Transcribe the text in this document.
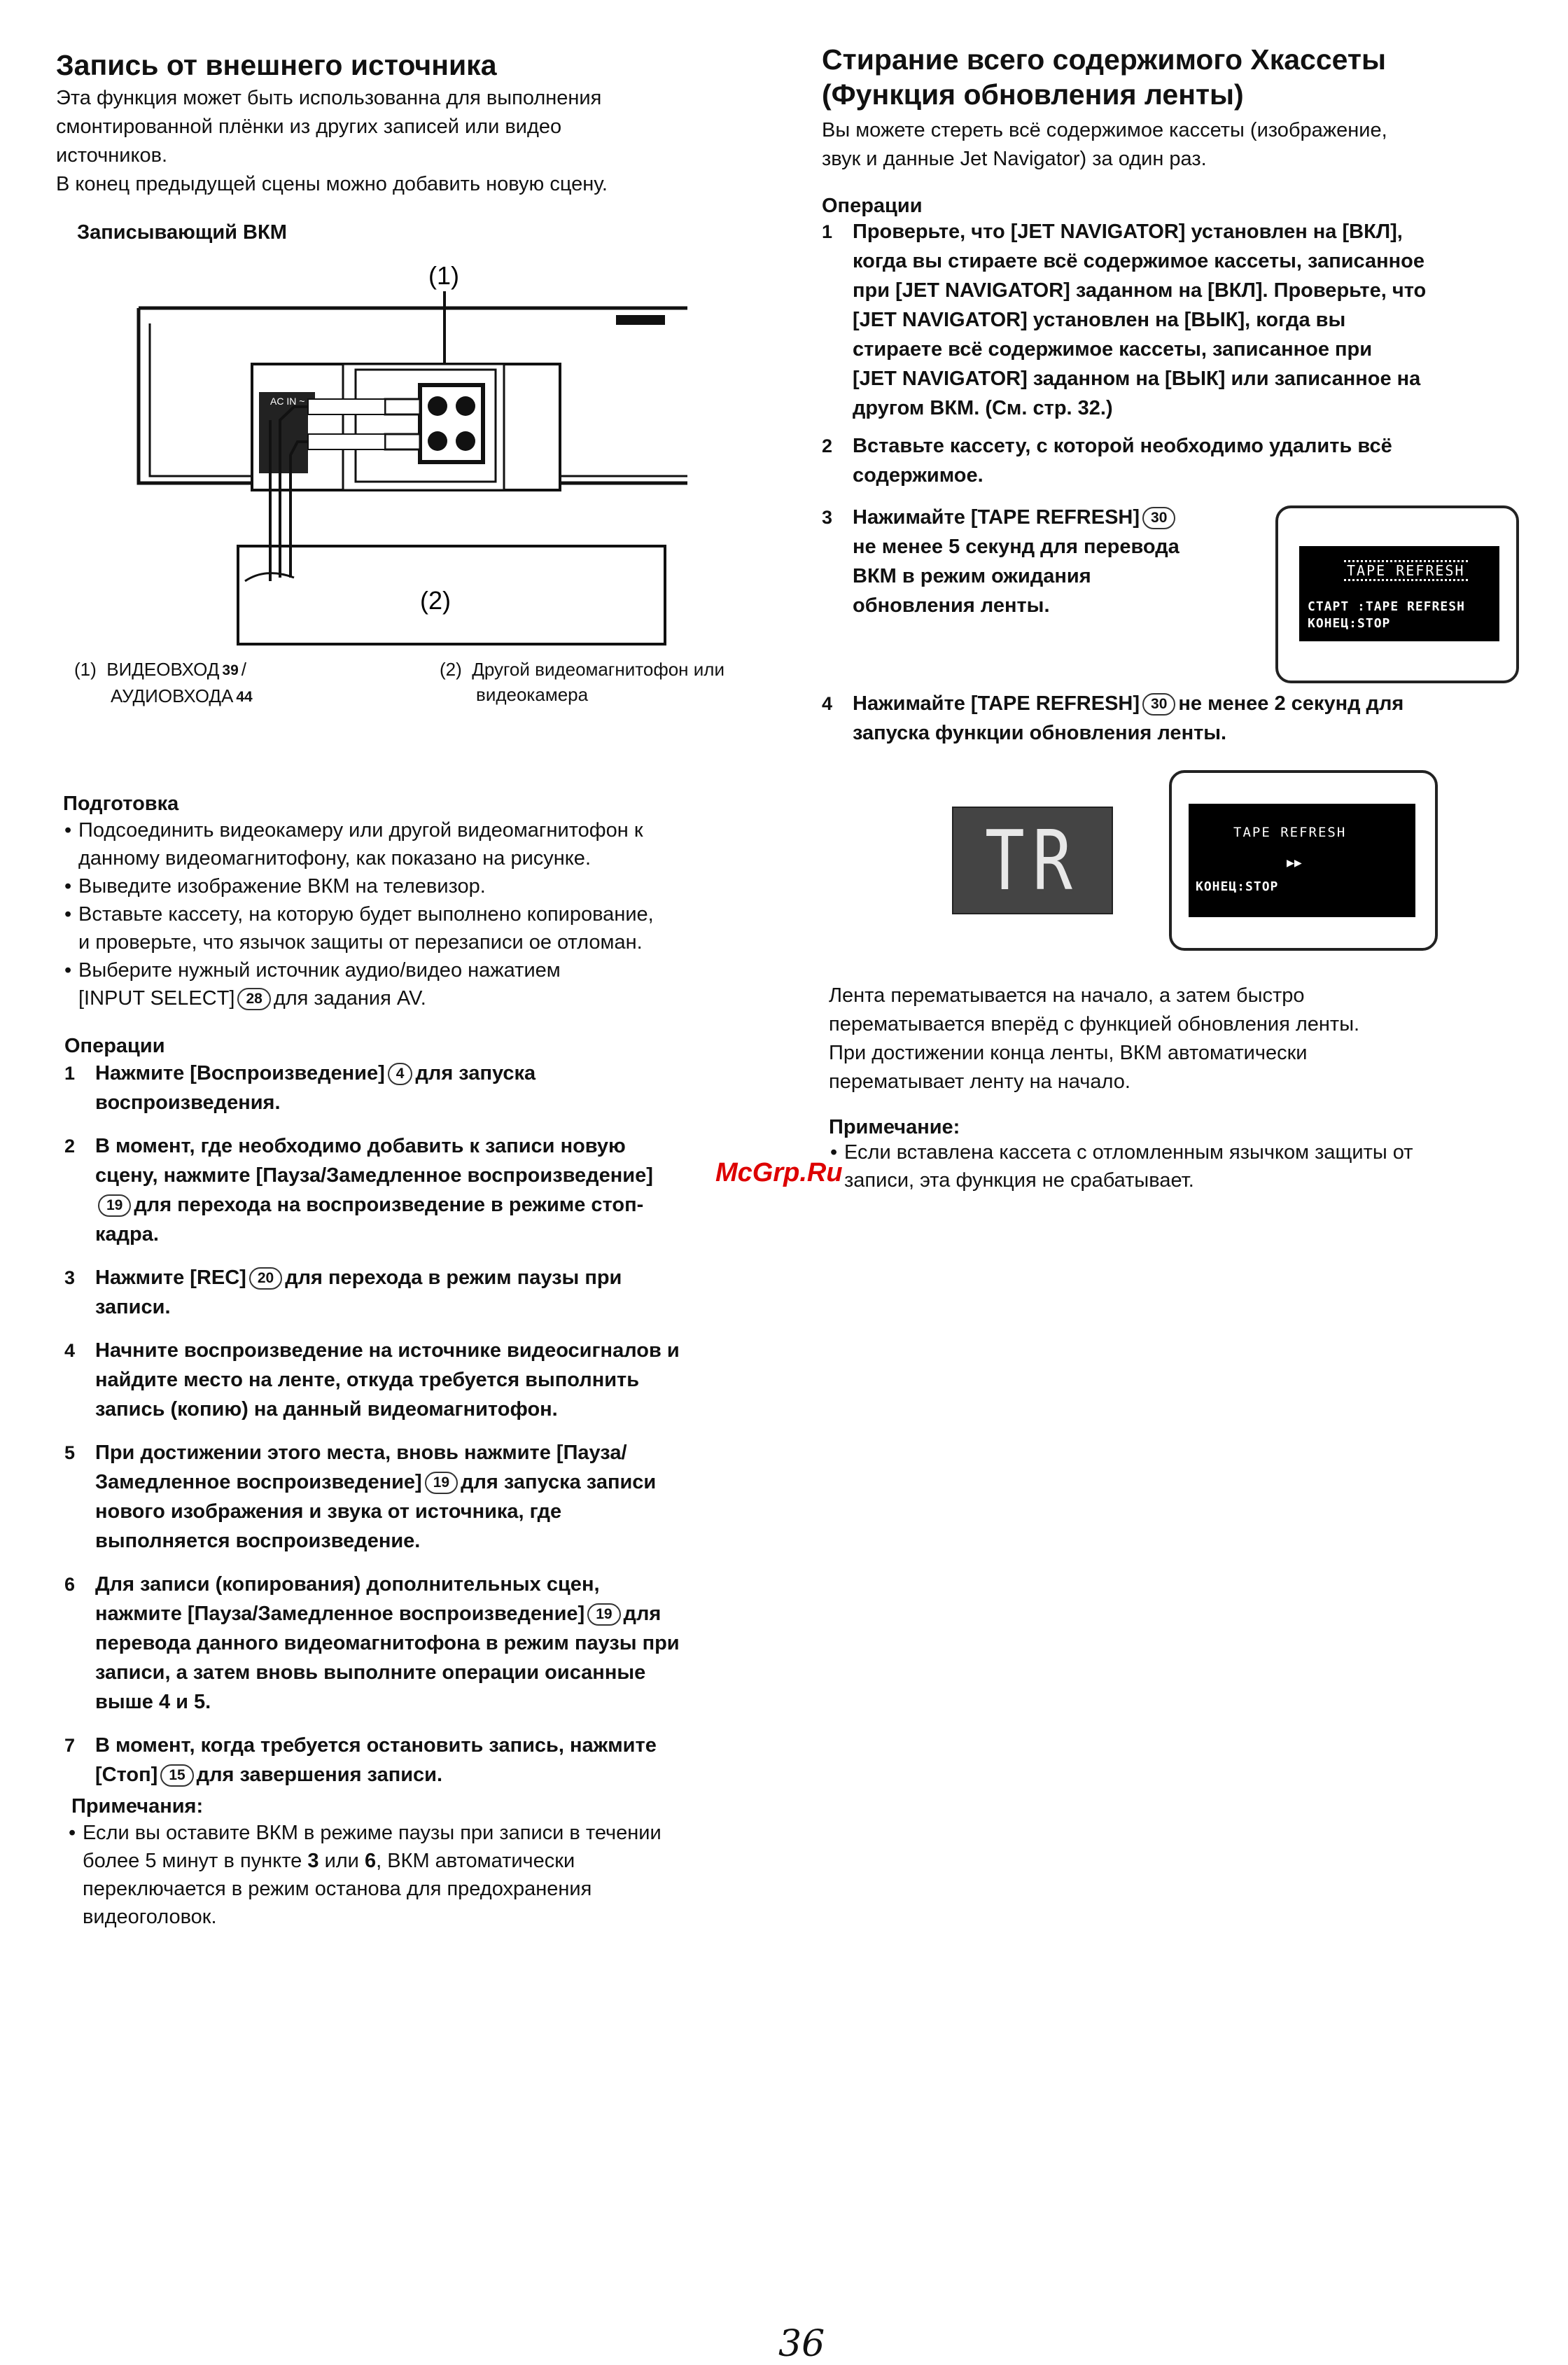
Запись от внешнего источника

Эта функция может быть использованна для выполнения

смонтированной плёнки из других записей или видео

источников.

В конец предыдущей сцены можно добавить новую сцену.

Записывающий ВКМ
(1)
AC IN ~
(2)
(1) ВИДЕОВХОД 39 /
АУДИОВХОДА 44
(2) Другой видеомагнитофон или
видеокамера
Подготовка
• Подсоединить видеокамеру или другой видеомагнитофон к
данному видеомагнитофону, как показано на рисунке.
• Выведите изображение ВКМ на телевизор.
• Вставьте кассету, на которую будет выполнено копирование,
и проверьте, что язычок защиты от перезаписи ое отломан.
• Выберите нужный источник аудио/видео нажатием
[INPUT SELECT] 28 для задания AV.
Операции
1 Нажмите [Воспроизведение] 4 для запуска
воспроизведения.
2 В момент, где необходимо добавить к записи новую
сцену, нажмите [Пауза/Замедленное воспроизведение]
19 для перехода на воспроизведение в режиме стоп-
кадра.
3 Нажмите [REC] 20 для перехода в режим паузы при
записи.
4 Начните воспроизведение на источнике видеосигналов и
найдите место на ленте, откуда требуется выполнить
запись (копию) на данный видеомагнитофон.
5 При достижении этого места, вновь нажмите [Пауза/
Замедленное воспроизведение] 19 для запуска записи
нового изображения и звука от источника, где
выполняется воспроизведение.
6 Для записи (копирования) дополнительных сцен,
нажмите [Пауза/Замедленное воспроизведение] 19 для
перевода данного видеомагнитофона в режим паузы при
записи, а затем вновь выполните операции оисанные
выше 4 и 5.
7 В момент, когда требуется остановить запись, нажмите
[Стоп] 15 для завершения записи.
Примечания:
• Если вы оставите ВКМ в режиме паузы при записи в течении
более 5 минут в пункте 3 или 6, ВКМ автоматически
переключается в режим останова для предохранения
видеоголовок.
Стирание всего содержимого Хкассеты
(Функция обновления ленты)

Вы можете стереть всё содержимое кассеты (изображение,

звук и данные Jet Navigator) за один раз.

Операции
1 Проверьте, что [JET NAVIGATOR] установлен на [ВКЛ],
когда вы стираете всё содержимое кассеты, записанное
при [JET NAVIGATOR] заданном на [ВКЛ]. Проверьте, что
[JET NAVIGATOR] установлен на [ВЫК], когда вы
стираете всё содержимое кассеты, записанное при
[JET NAVIGATOR] заданном на [ВЫК] или записанное на
другом ВКМ. (См. стр. 32.)
2 Вставьте кассету, с которой необходимо удалить всё
содержимое.
3 Нажимайте [TAPE REFRESH] 30
не менее 5 секунд для перевода
ВКМ в режим ожидания
обновления ленты.
TAPE REFRESH
СТАРТ :TAPE REFRESH
КОНЕЦ:STOP
4 Нажимайте [TAPE REFRESH] 30 не менее 2 секунд для
запуска функции обновления ленты.
TR	TAPE REFRESH
▶▶
КОНЕЦ:STOP

Лента перематывается на начало, а затем быстро

перематывается вперёд с функцией обновления ленты.

При достижении конца ленты, ВКМ автоматически

перематывает ленту на начало.

Примечание:
• Если вставлена кассета с отломленным язычком защиты от
записи, эта функция не срабатывает.
McGrp.Ru
36
